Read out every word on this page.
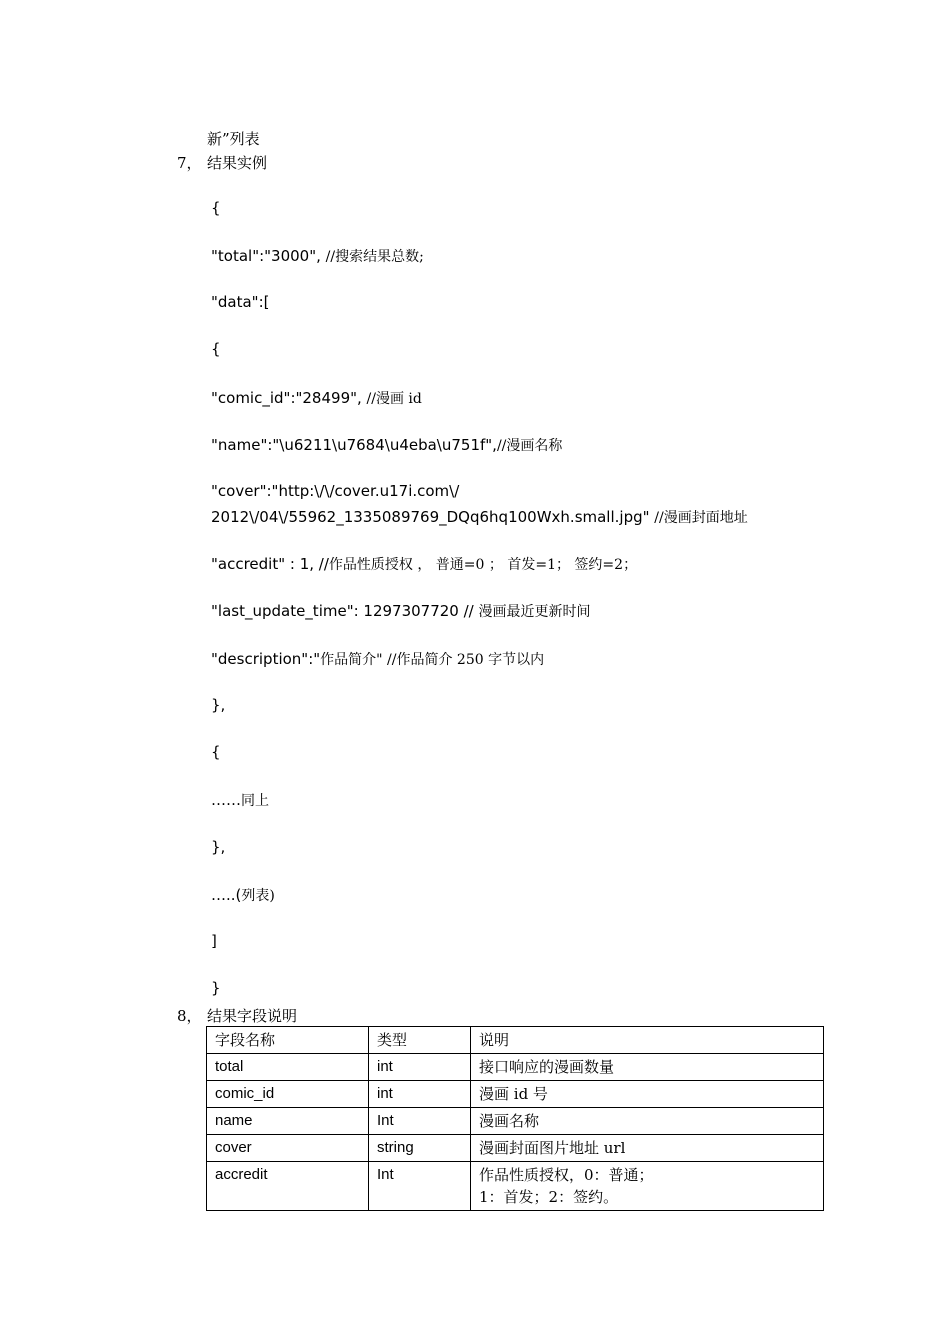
新”列表
7， 结果实例
{
"total":"3000", //搜索结果总数;
"data":[
{
"comic_id":"28499", //漫画 id
"name":"\u6211\u7684\u4eba\u751f",//漫画名称
"cover":"http:\/\/cover.u17i.com\/
2012\/04\/55962_1335089769_DQq6hq100Wxh.small.jpg" //漫画封面地址
"accredit" : 1, //作品性质授权 ， 普通=0 ； 首发=1； 签约=2；
"last_update_time": 1297307720 // 漫画最近更新时间
"description":"作品简介" //作品简介 250 字节以内
},
{
……同上
},
…..(列表)
]
}
8， 结果字段说明
字段名称	类型	说明
total	int	接口响应的漫画数量
comic_id	int	漫画 id 号
name	Int	漫画名称
cover	string	漫画封面图片地址 url
accredit	Int	作品性质授权，0：普通；
1：首发；2：签约。
